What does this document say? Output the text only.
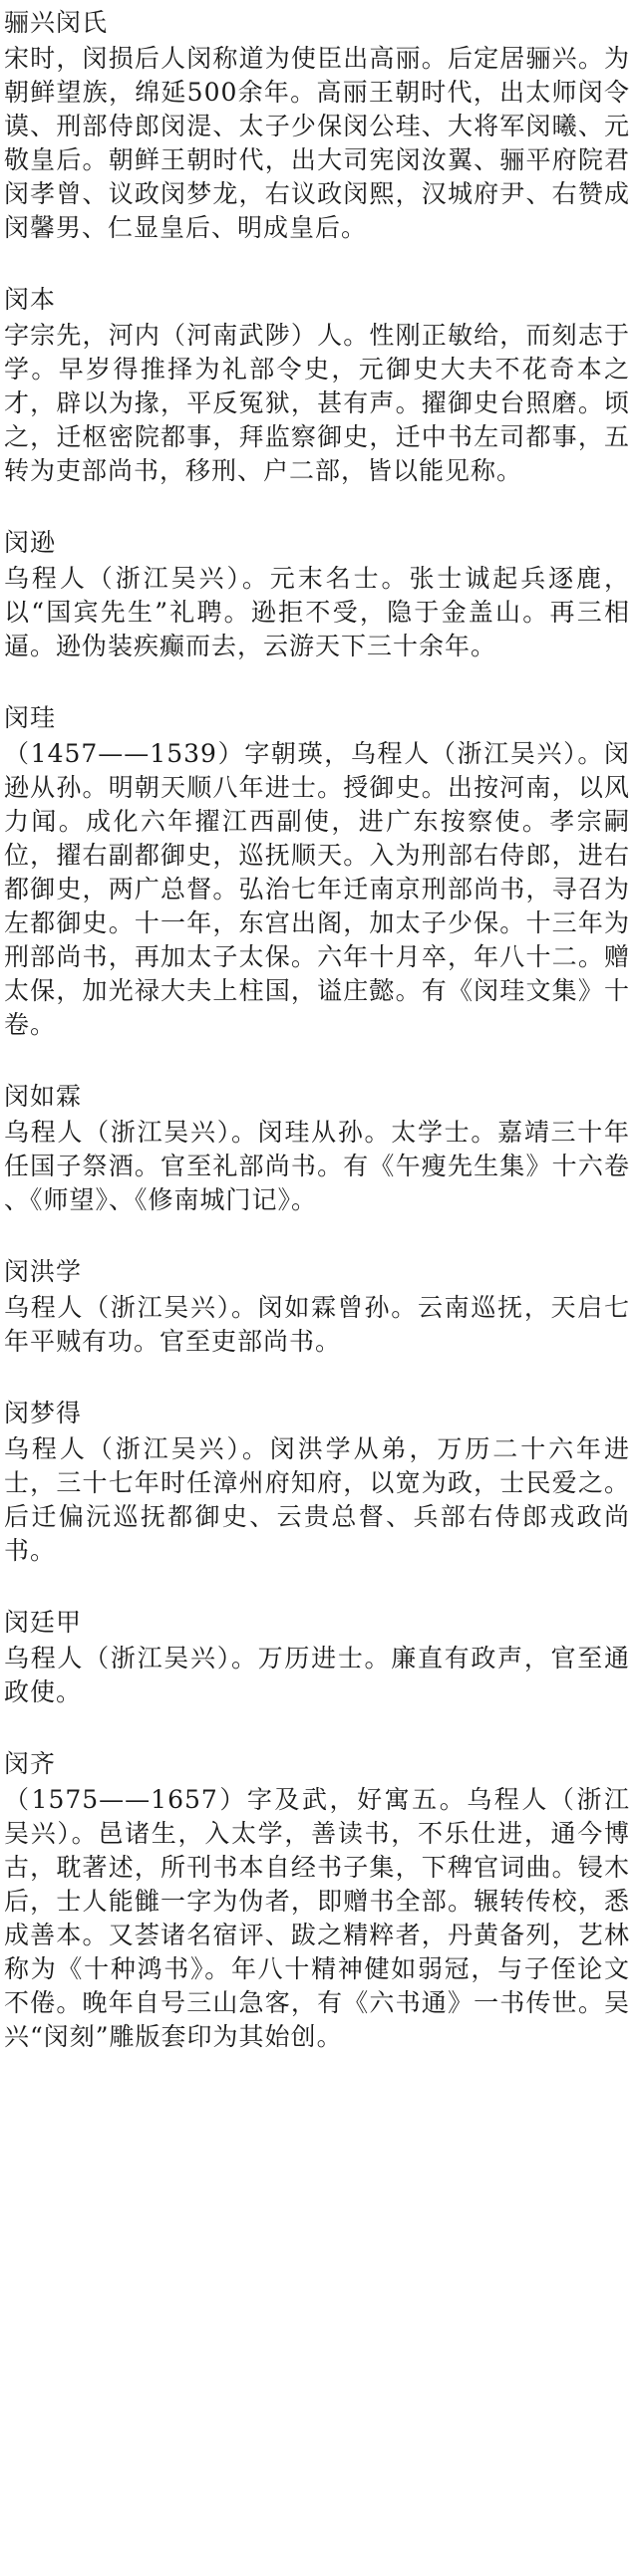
骊兴闵氏

宋时，闵损后人闵称道为使臣出高丽。后定居骊兴。为朝鲜望族，绵延500余年。高丽王朝时代，出太师闵令谟、刑部侍郎闵湜、太子少保闵公珪、大将军闵曦、元敬皇后。朝鲜王朝时代，出大司宪闵汝翼、骊平府院君闵孝曾、议政闵梦龙，右议政闵熙，汉城府尹、右赞成闵馨男、仁显皇后、明成皇后。

闵本

字宗先，河内（河南武陟）人。性刚正敏给，而刻志于学。早岁得推择为礼部令史，元御史大夫不花奇本之才，辟以为掾，平反冤狱，甚有声。擢御史台照磨。顷之，迁枢密院都事，拜监察御史，迁中书左司都事，五转为吏部尚书，移刑、户二部，皆以能见称。

闵逊

乌程人（浙江吴兴）。元末名士。张士诚起兵逐鹿，以“国宾先生”礼聘。逊拒不受，隐于金盖山。再三相逼。逊伪装疾癫而去，云游天下三十余年。

闵珪

（1457——1539）字朝瑛，乌程人（浙江吴兴）。闵逊从孙。明朝天顺八年进士。授御史。出按河南，以风力闻。成化六年擢江西副使，进广东按察使。孝宗嗣位，擢右副都御史，巡抚顺天。入为刑部右侍郎，进右都御史，两广总督。弘治七年迁南京刑部尚书，寻召为左都御史。十一年，东宫出阁，加太子少保。十三年为刑部尚书，再加太子太保。六年十月卒，年八十二。赠太保，加光禄大夫上柱国，谥庄懿。有《闵珪文集》十卷。

闵如霖

乌程人（浙江吴兴）。闵珪从孙。太学士。嘉靖三十年任国子祭酒。官至礼部尚书。有《午瘦先生集》十六卷 、《师望》、《修南城门记》。

闵洪学

乌程人（浙江吴兴）。闵如霖曾孙。云南巡抚，天启七年平贼有功。官至吏部尚书。

闵梦得

乌程人（浙江吴兴）。闵洪学从弟，万历二十六年进士，三十七年时任漳州府知府，以宽为政，士民爱之。后迁偏沅巡抚都御史、云贵总督、兵部右侍郎戎政尚书。

闵廷甲

乌程人（浙江吴兴）。万历进士。廉直有政声，官至通政使。

闵齐

（1575——1657）字及武，好寓五。乌程人（浙江吴兴）。邑诸生，入太学，善读书，不乐仕进，通今博古，耽著述，所刊书本自经书子集，下稗官词曲。锓木后，士人能雠一字为伪者，即赠书全部。辗转传校，悉成善本。又荟诸名宿评、跋之精粹者，丹黄备列，艺林称为《十种鸿书》。年八十精神健如弱冠，与子侄论文不倦。晚年自号三山急客，有《六书通》一书传世。吴兴“闵刻”雕版套印为其始创。
